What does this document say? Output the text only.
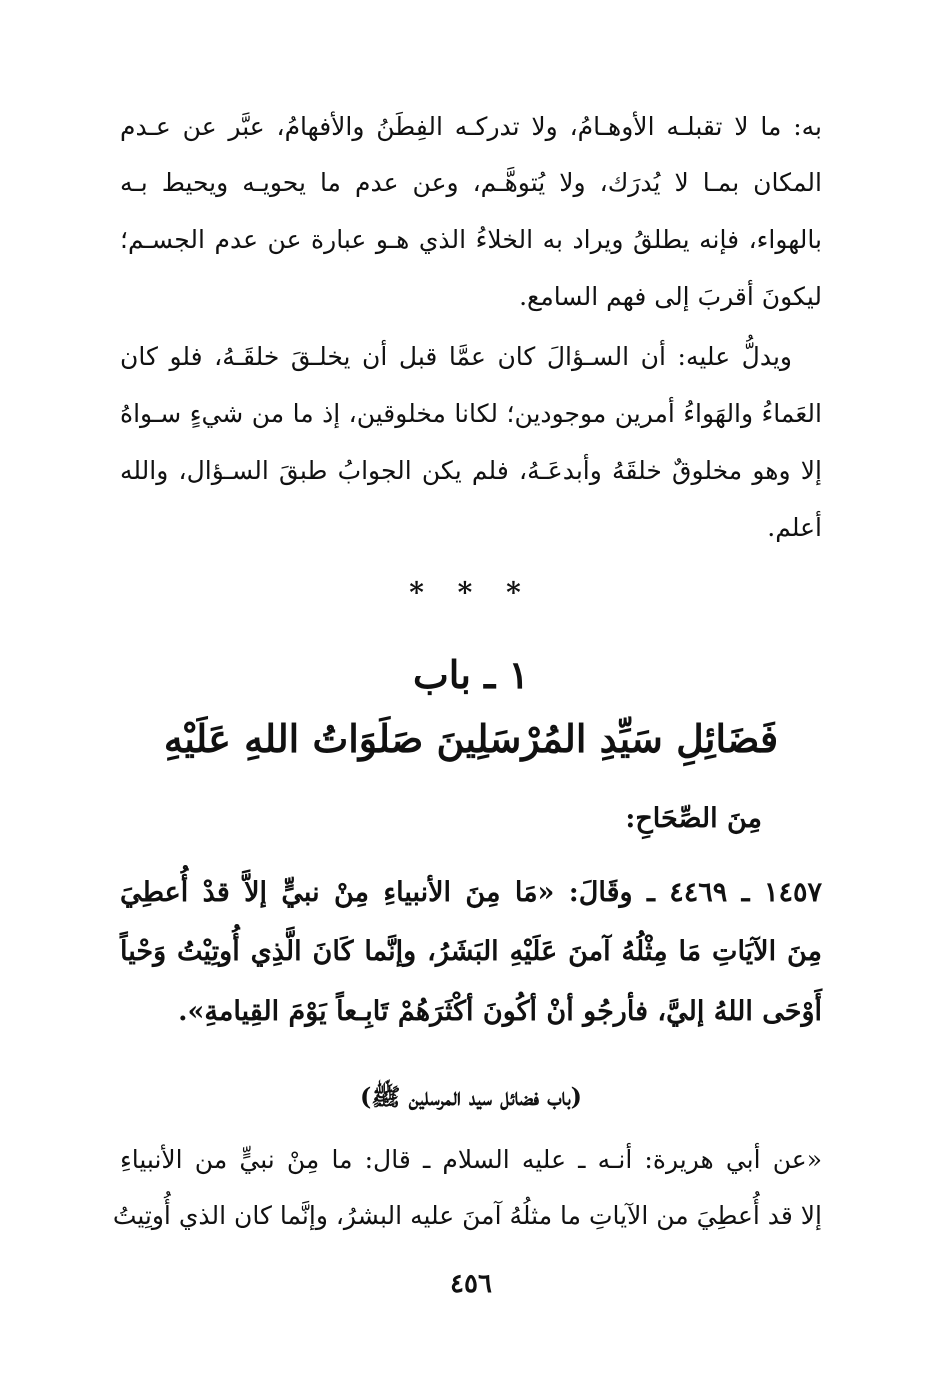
به: ما لا تقبلـه الأوهـامُ، ولا تدركـه الفِطَنُ والأفهامُ، عبَّر عن عـدم
المكان بمـا لا يُدرَك، ولا يُتوهَّـم، وعن عدم ما يحويـه ويحيط بـه
بالهواء، فإنه يطلقُ ويراد به الخلاءُ الذي هـو عبارة عن عدم الجسـم؛
ليكونَ أقربَ إلى فهم السامع.
ويدلُّ عليه: أن السـؤالَ كان عمَّا قبل أن يخلـقَ خلقَـهُ، فلو كان
العَماءُ والهَواءُ أمرين موجودين؛ لكانا مخلوقين، إذ ما من شيءٍ سـواهُ
إلا وهو مخلوقٌ خلقَهُ وأبدعَـهُ، فلم يكن الجوابُ طبقَ السـؤال، والله
أعلم.
* * *
١ ـ باب
فَضَائِلِ سَيِّدِ المُرْسَلِينَ صَلَوَاتُ اللهِ عَلَيْهِ
مِنَ الصِّحَاحِ:
١٤٥٧ ـ ٤٤٦٩ ـ وقَالَ: «مَا مِنَ الأنبياءِ مِنْ نبيٍّ إلاَّ قدْ أُعطِيَ
مِنَ الآيَاتِ مَا مِثْلُهُ آمنَ عَلَيْهِ البَشَرُ، وإنَّما كَانَ الَّذِي أُوتِيْتُ وَحْياً
أَوْحَى اللهُ إليَّ، فأرجُو أنْ أكُونَ أكْثَرَهُمْ تَابِـعاً يَوْمَ القِيامةِ».
(باب فضائل سيد المرسلين ﷺ)
«عن أبي هريرة: أنـه ـ عليه السلام ـ قال: ما مِنْ نبيٍّ من الأنبياءِ
إلا قد أُعطِيَ من الآياتِ ما مثلُهُ آمنَ عليه البشرُ، وإنَّما كان الذي أُوتِيتُ
٤٥٦
